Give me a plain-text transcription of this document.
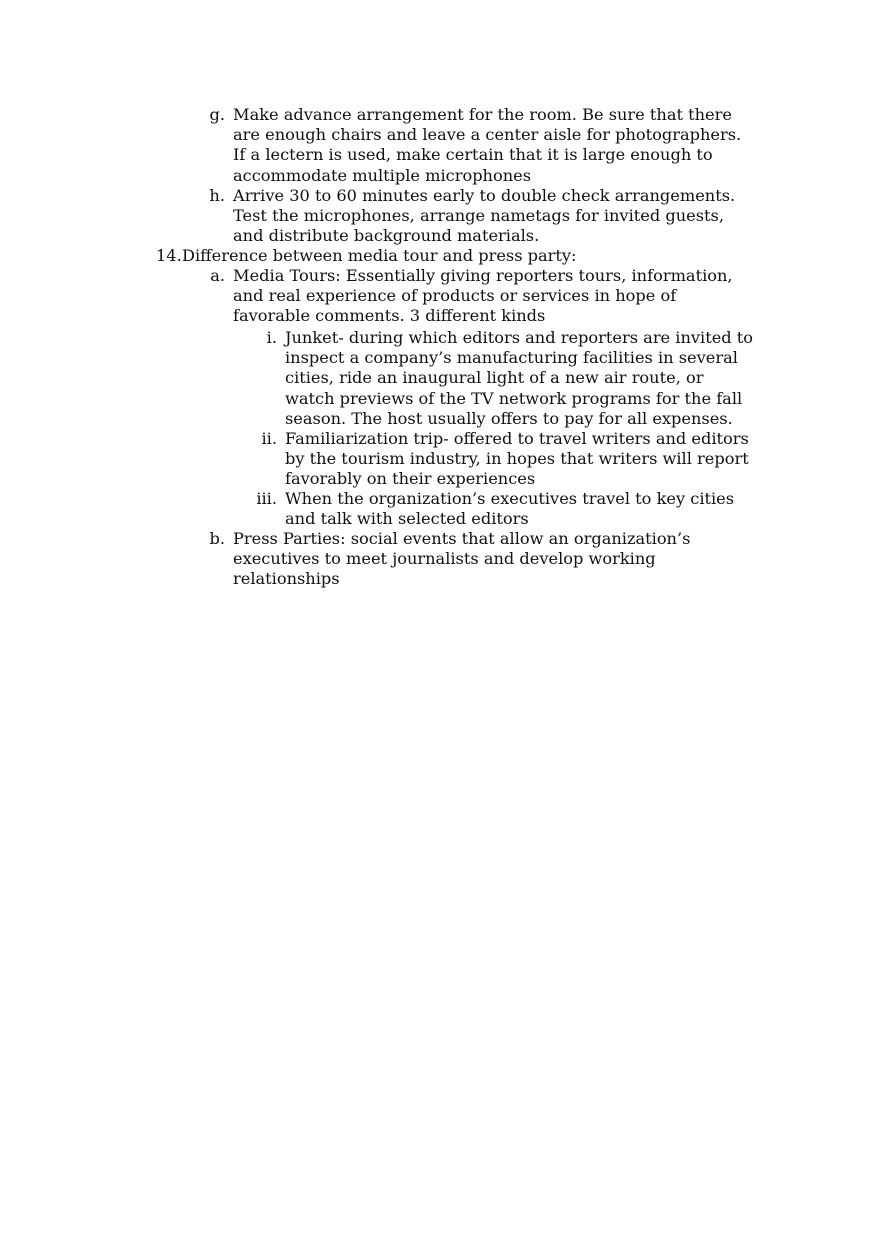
g. Make advance arrangement for the room. Be sure that there are enough chairs and leave a center aisle for photographers. If a lectern is used, make certain that it is large enough to accommodate multiple microphones
h. Arrive 30 to 60 minutes early to double check arrangements. Test the microphones, arrange nametags for invited guests, and distribute background materials.
14. Difference between media tour and press party:
a. Media Tours: Essentially giving reporters tours, information, and real experience of products or services in hope of favorable comments. 3 different kinds
i. Junket- during which editors and reporters are invited to inspect a company’s manufacturing facilities in several cities, ride an inaugural light of a new air route, or watch previews of the TV network programs for the fall season. The host usually offers to pay for all expenses.
ii. Familiarization trip- offered to travel writers and editors by the tourism industry, in hopes that writers will report favorably on their experiences
iii. When the organization’s executives travel to key cities and talk with selected editors
b. Press Parties: social events that allow an organization’s executives to meet journalists and develop working relationships
